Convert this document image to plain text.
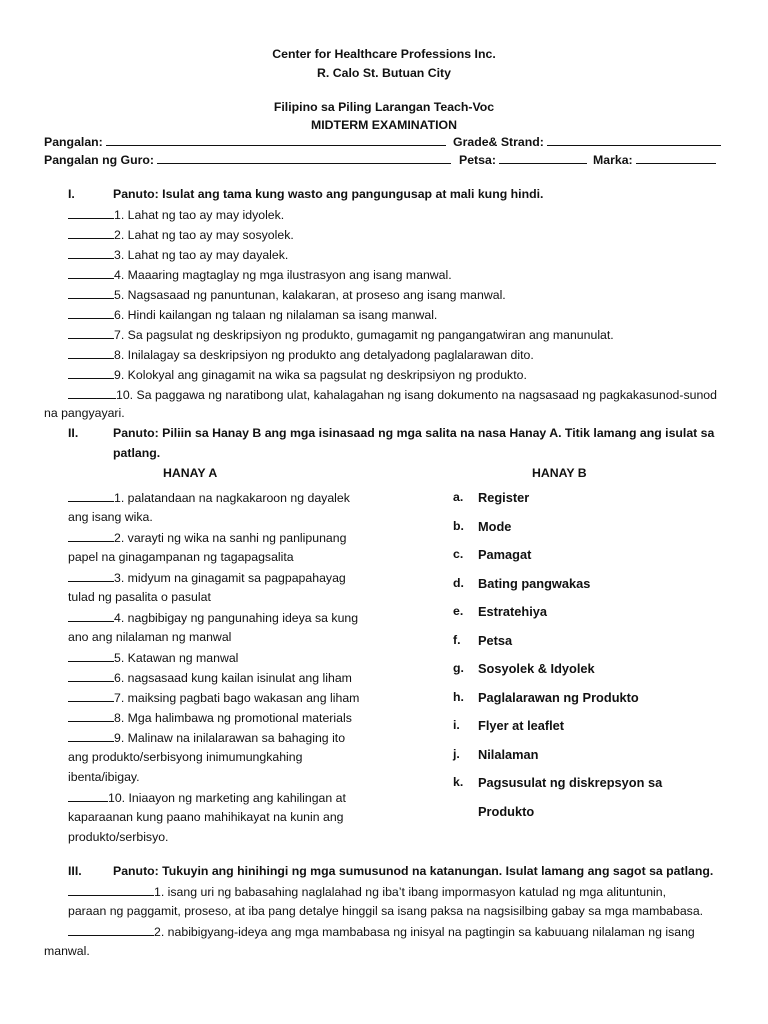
Center for Healthcare Professions Inc.
R. Calo St. Butuan City
Filipino sa Piling Larangan Teach-Voc
MIDTERM EXAMINATION
Pangalan:	Grade& Strand:
Pangalan ng Guro:	Petsa:	Marka:
I.	Panuto: Isulat ang tama kung wasto ang pangungusap at mali kung hindi.
1. Lahat ng tao ay may idyolek.
2. Lahat ng tao ay may sosyolek.
3. Lahat ng tao ay may dayalek.
4. Maaaring magtaglay ng mga ilustrasyon ang isang manwal.
5. Nagsasaad ng panuntunan, kalakaran, at proseso ang isang manwal.
6. Hindi kailangan ng talaan ng nilalaman sa isang manwal.
7. Sa pagsulat ng deskripsiyon ng produkto, gumagamit ng pangangatwiran ang manunulat.
8. Inilalagay sa deskripsiyon ng produkto ang detalyadong paglalarawan dito.
9. Kolokyal ang ginagamit na wika sa pagsulat ng deskripsiyon ng produkto.
10. Sa paggawa ng naratibong ulat, kahalagahan ng isang dokumento na nagsasaad ng pagkakasunod-sunod
na pangyayari.
II.	Panuto: Piliin sa Hanay B ang mga isinasaad ng mga salita na nasa Hanay A. Titik lamang ang isulat sa
patlang.
HANAY A	HANAY B
1. palatandaan na nagkakaroon ng dayalek
ang isang wika.
2. varayti ng wika na sanhi ng panlipunang
papel na ginagampanan ng tagapagsalita
3. midyum na ginagamit sa pagpapahayag
tulad ng pasalita o pasulat
4. nagbibigay ng pangunahing ideya sa kung
ano ang nilalaman ng manwal
5. Katawan ng manwal
6. nagsasaad kung kailan isinulat ang liham
7. maiksing pagbati bago wakasan ang liham
8. Mga halimbawa ng promotional materials
9. Malinaw na inilalarawan sa bahaging ito
ang produkto/serbisyong inimumungkahing
ibenta/ibigay.
10. Iniaayon ng marketing ang kahilingan at
kaparaanan kung paano mahihikayat na kunin ang
produkto/serbisyo.
a.	Register
b.	Mode
c.	Pamagat
d.	Bating pangwakas
e.	Estratehiya
f.	Petsa
g.	Sosyolek & Idyolek
h.	Paglalarawan ng Produkto
i.	Flyer at leaflet
j.	Nilalaman
k.	Pagsusulat ng diskrepsyon sa
Produkto
III.	Panuto: Tukuyin ang hinihingi ng mga sumusunod na katanungan. Isulat lamang ang sagot sa patlang.
1. isang uri ng babasahing naglalahad ng iba’t ibang impormasyon katulad ng mga alituntunin,
paraan ng paggamit, proseso, at iba pang detalye hinggil sa isang paksa na nagsisilbing gabay sa mga mambabasa.
2. nabibigyang-ideya ang mga mambabasa ng inisyal na pagtingin sa kabuuang nilalaman ng isang
manwal.
